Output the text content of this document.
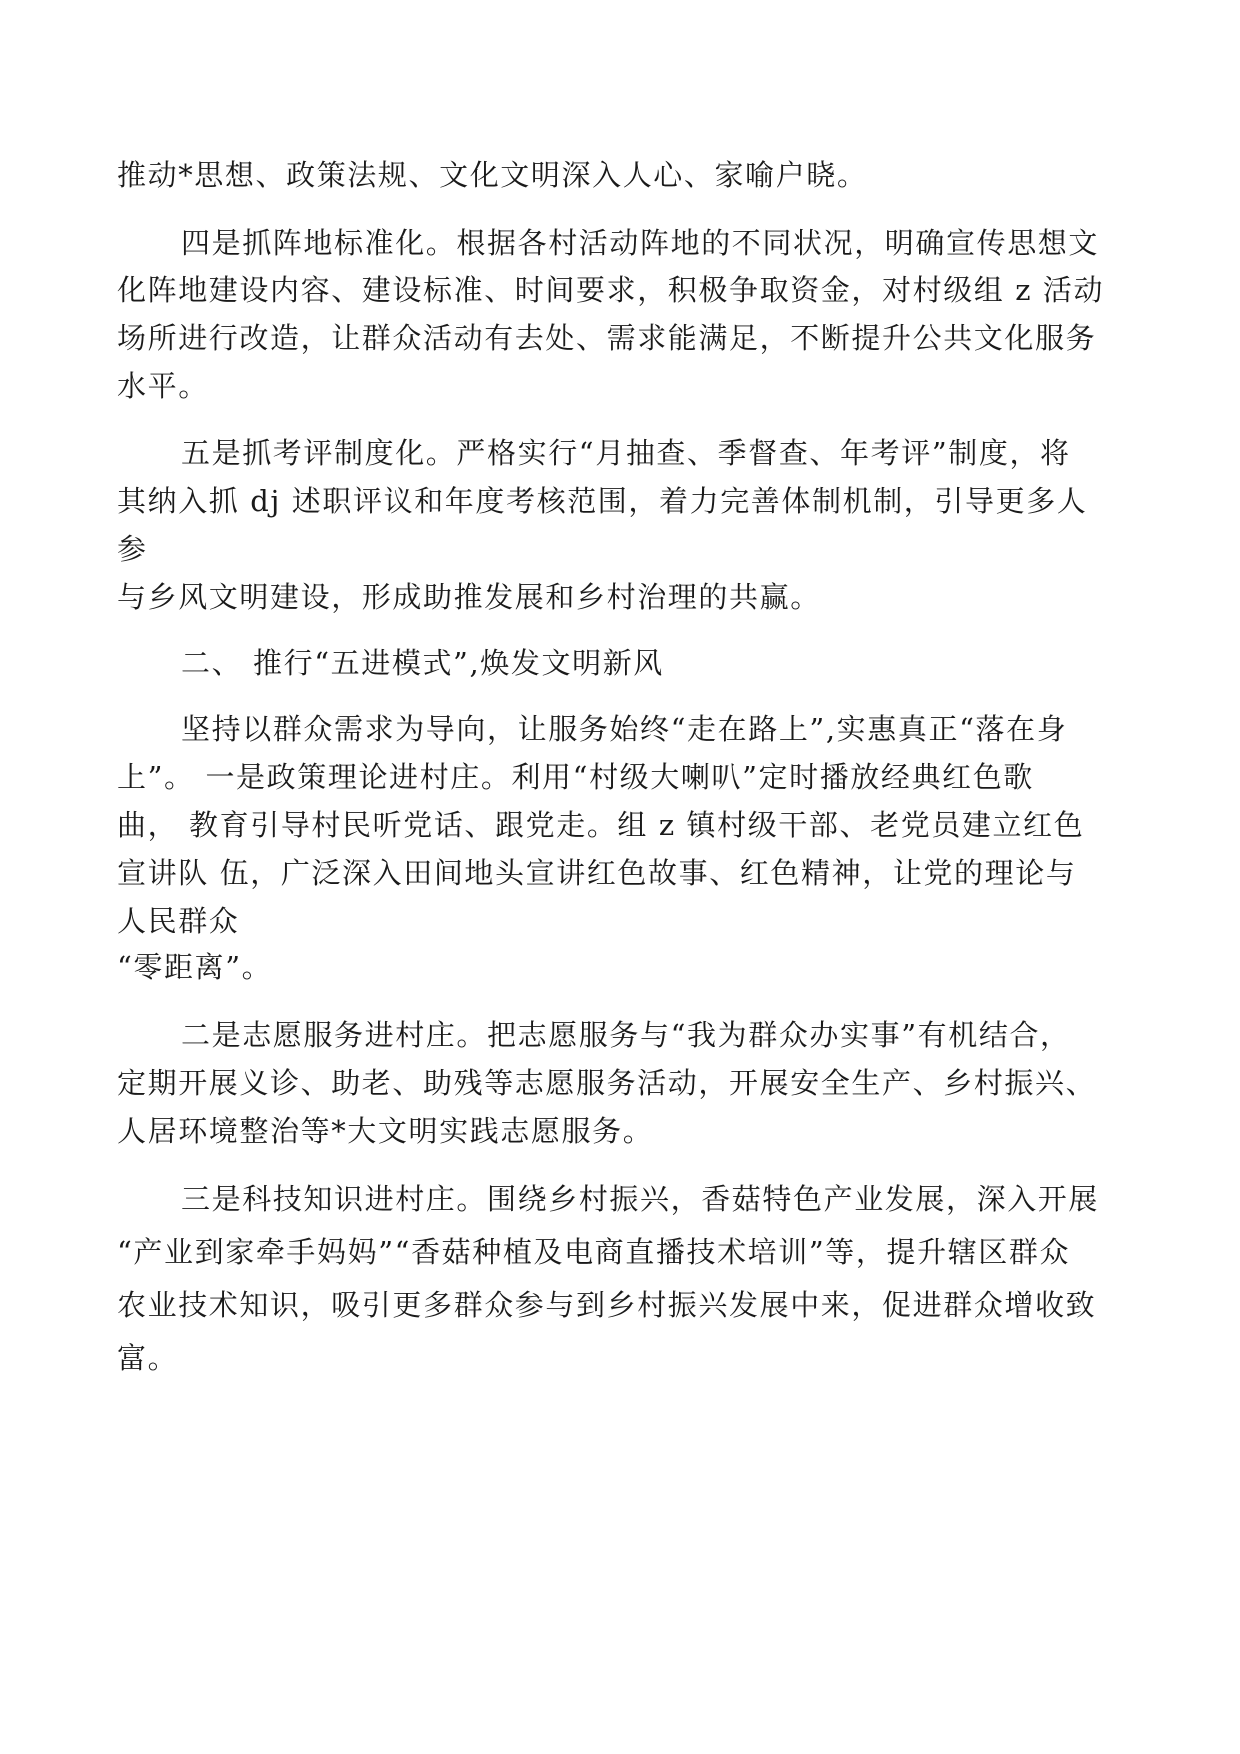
推动*思想、政策法规、文化文明深入人心、家喻户晓。

四是抓阵地标准化。根据各村活动阵地的不同状况，明确宣传思想文

化阵地建设内容、建设标准、时间要求，积极争取资金，对村级组 z 活动

场所进行改造，让群众活动有去处、需求能满足，不断提升公共文化服务

水平。

五是抓考评制度化。严格实行“月抽查、季督查、年考评”制度，将

其纳入抓 dj 述职评议和年度考核范围，着力完善体制机制，引导更多人

参

与乡风文明建设，形成助推发展和乡村治理的共赢。

二、 推行“五进模式”,焕发文明新风

坚持以群众需求为导向，让服务始终“走在路上”,实惠真正“落在身

上”。 一是政策理论进村庄。利用“村级大喇叭”定时播放经典红色歌

曲， 教育引导村民听党话、跟党走。组 z 镇村级干部、老党员建立红色

宣讲队 伍，广泛深入田间地头宣讲红色故事、红色精神，让党的理论与

人民群众

“零距离”。

二是志愿服务进村庄。把志愿服务与“我为群众办实事”有机结合，

定期开展义诊、助老、助残等志愿服务活动，开展安全生产、乡村振兴、

人居环境整治等*大文明实践志愿服务。

三是科技知识进村庄。围绕乡村振兴，香菇特色产业发展，深入开展

“产业到家牵手妈妈”“香菇种植及电商直播技术培训”等，提升辖区群众

农业技术知识，吸引更多群众参与到乡村振兴发展中来，促进群众增收致

富。
